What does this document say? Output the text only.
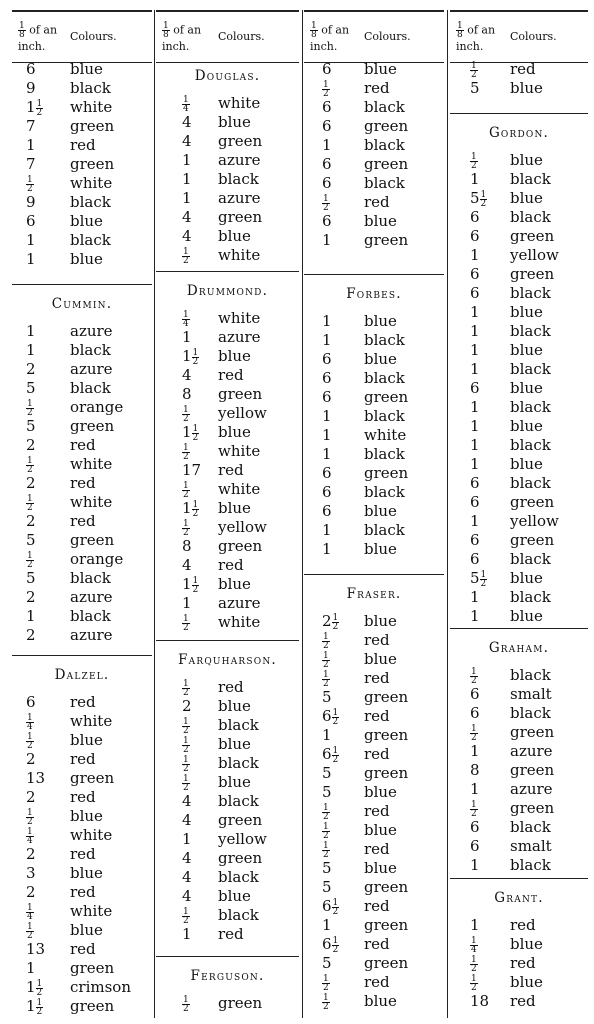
$\frac{1}{8}$ of an
inch.
Colours.
6 blue
9 black
$1 \frac{1}{2}$ white
7 green
1 red
7 green
$\frac{1}{2}$ white
9 black
6 blue
1 black
1 blue
Cummin.
1 azure
1 black
2 azure
5 black
$\frac{1}{2}$ orange
5 green
2 red
$\frac{1}{2}$ white
2 red
$\frac{1}{2}$ white
2 red
5 green
$\frac{1}{2}$ orange
5 black
2 azure
1 black
2 azure
Dalzel.
6 red
$\frac{1}{4}$ white
$\frac{1}{2}$ blue
2 red
13 green
2 red
$\frac{1}{2}$ blue
$\frac{1}{4}$ white
2 red
3 blue
2 red
$\frac{1}{4}$ white
$\frac{1}{2}$ blue
13 red
1 green
$1 \frac{1}{2}$ crimson
$1 \frac{1}{2}$ green
$\frac{1}{8}$ of an
inch.
Colours.
Douglas.
$\frac{1}{4}$ white
4 blue
4 green
1 azure
1 black
1 azure
4 green
4 blue
$\frac{1}{2}$ white
Drummond.
$\frac{1}{4}$ white
1 azure
$1 \frac{1}{2}$ blue
4 red
8 green
$\frac{1}{2}$ yellow
$1 \frac{1}{2}$ blue
$\frac{1}{2}$ white
17 red
$\frac{1}{2}$ white
$1 \frac{1}{2}$ blue
$\frac{1}{2}$ yellow
8 green
4 red
$1 \frac{1}{2}$ blue
1 azure
$\frac{1}{2}$ white
Farquharson.
$\frac{1}{2}$ red
2 blue
$\frac{1}{2}$ black
$\frac{1}{2}$ blue
$\frac{1}{2}$ black
$\frac{1}{2}$ blue
4 black
4 green
1 yellow
4 green
4 black
4 blue
$\frac{1}{2}$ black
1 red
Ferguson.
$\frac{1}{2}$ green
$\frac{1}{8}$ of an
inch.
Colours.
6 blue
$\frac{1}{2}$ red
6 black
6 green
1 black
6 green
6 black
$\frac{1}{2}$ red
6 blue
1 green
Forbes.
1 blue
1 black
6 blue
6 black
6 green
1 black
1 white
1 black
6 green
6 black
6 blue
1 black
1 blue
Fraser.
$2 \frac{1}{2}$ blue
$\frac{1}{2}$ red
$\frac{1}{2}$ blue
$\frac{1}{2}$ red
5 green
$6 \frac{1}{2}$ red
1 green
$6 \frac{1}{2}$ red
5 green
5 blue
$\frac{1}{2}$ red
$\frac{1}{2}$ blue
$\frac{1}{2}$ red
5 blue
5 green
$6 \frac{1}{2}$ red
1 green
$6 \frac{1}{2}$ red
5 green
$\frac{1}{2}$ red
$\frac{1}{2}$ blue
$\frac{1}{8}$ of an
inch.
Colours.
$\frac{1}{2}$ red
5 blue
Gordon.
$\frac{1}{2}$ blue
1 black
$5 \frac{1}{2}$ blue
6 black
6 green
1 yellow
6 green
6 black
1 blue
1 black
1 blue
1 black
6 blue
1 black
1 blue
1 black
1 blue
6 black
6 green
1 yellow
6 green
6 black
$5 \frac{1}{2}$ blue
1 black
1 blue
Graham.
$\frac{1}{2}$ black
6 smalt
6 black
$\frac{1}{2}$ green
1 azure
8 green
1 azure
$\frac{1}{2}$ green
6 black
6 smalt
1 black
Grant.
1 red
$\frac{1}{4}$ blue
$\frac{1}{2}$ red
$\frac{1}{2}$ blue
18 red
